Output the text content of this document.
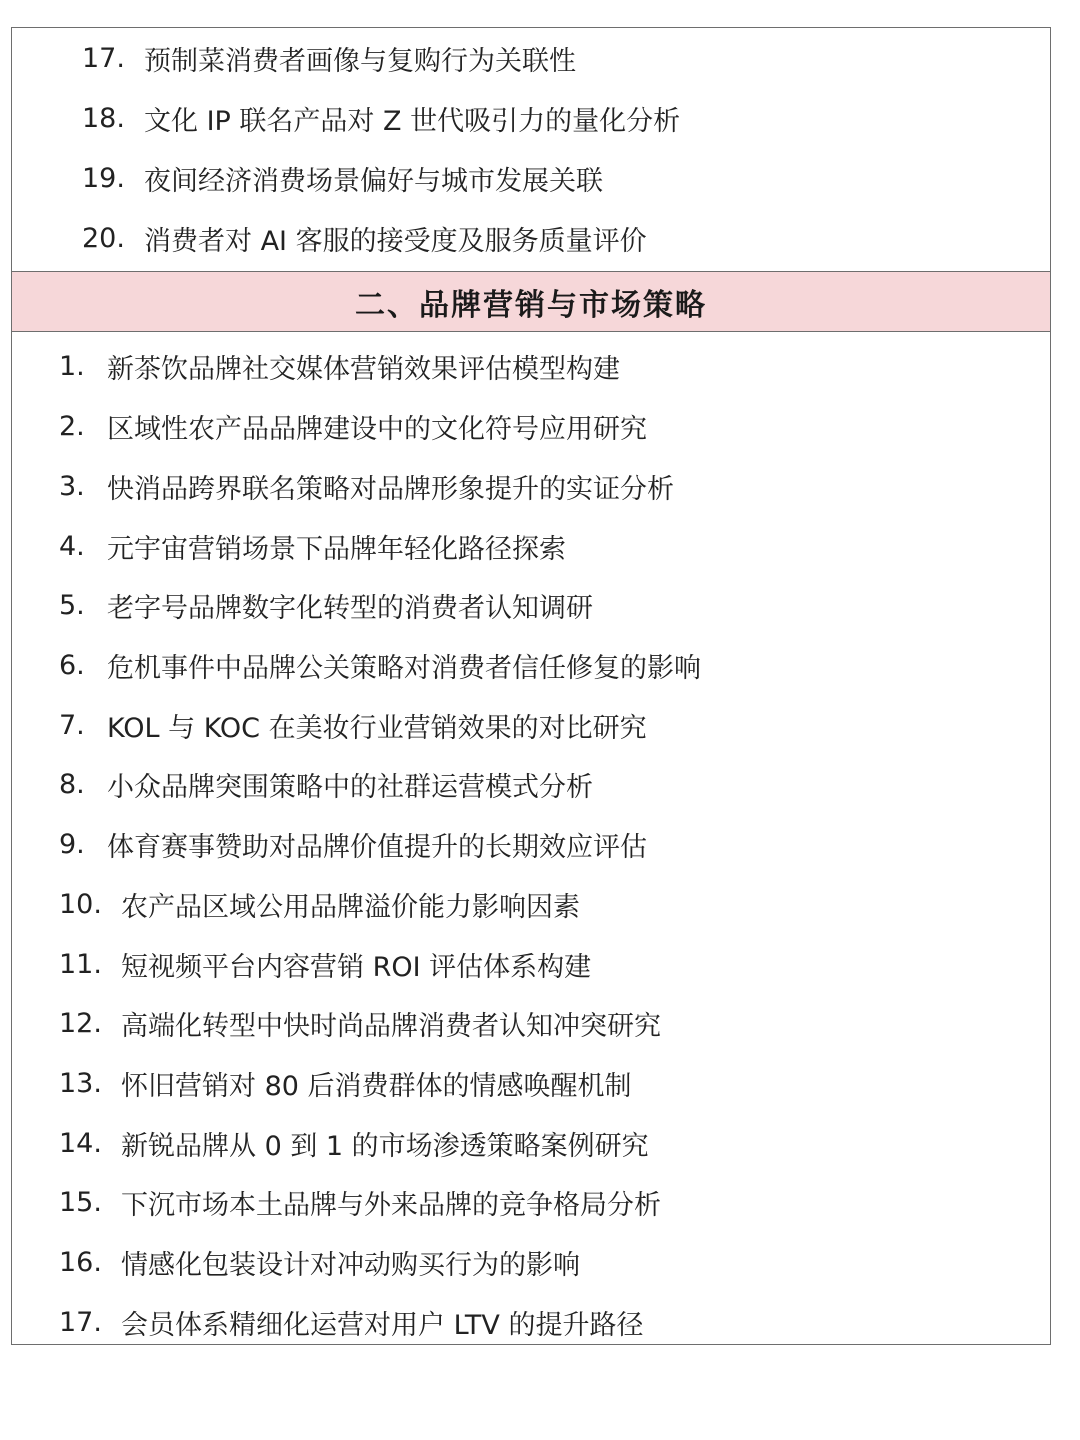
17. 预制菜消费者画像与复购行为关联性
18. 文化 IP 联名产品对 Z 世代吸引力的量化分析
19. 夜间经济消费场景偏好与城市发展关联
20. 消费者对 AI 客服的接受度及服务质量评价
二、品牌营销与市场策略
1. 新茶饮品牌社交媒体营销效果评估模型构建
2. 区域性农产品品牌建设中的文化符号应用研究
3. 快消品跨界联名策略对品牌形象提升的实证分析
4. 元宇宙营销场景下品牌年轻化路径探索
5. 老字号品牌数字化转型的消费者认知调研
6. 危机事件中品牌公关策略对消费者信任修复的影响
7. KOL 与 KOC 在美妆行业营销效果的对比研究
8. 小众品牌突围策略中的社群运营模式分析
9. 体育赛事赞助对品牌价值提升的长期效应评估
10. 农产品区域公用品牌溢价能力影响因素
11. 短视频平台内容营销 ROI 评估体系构建
12. 高端化转型中快时尚品牌消费者认知冲突研究
13. 怀旧营销对 80 后消费群体的情感唤醒机制
14. 新锐品牌从 0 到 1 的市场渗透策略案例研究
15. 下沉市场本土品牌与外来品牌的竞争格局分析
16. 情感化包装设计对冲动购买行为的影响
17. 会员体系精细化运营对用户 LTV 的提升路径
